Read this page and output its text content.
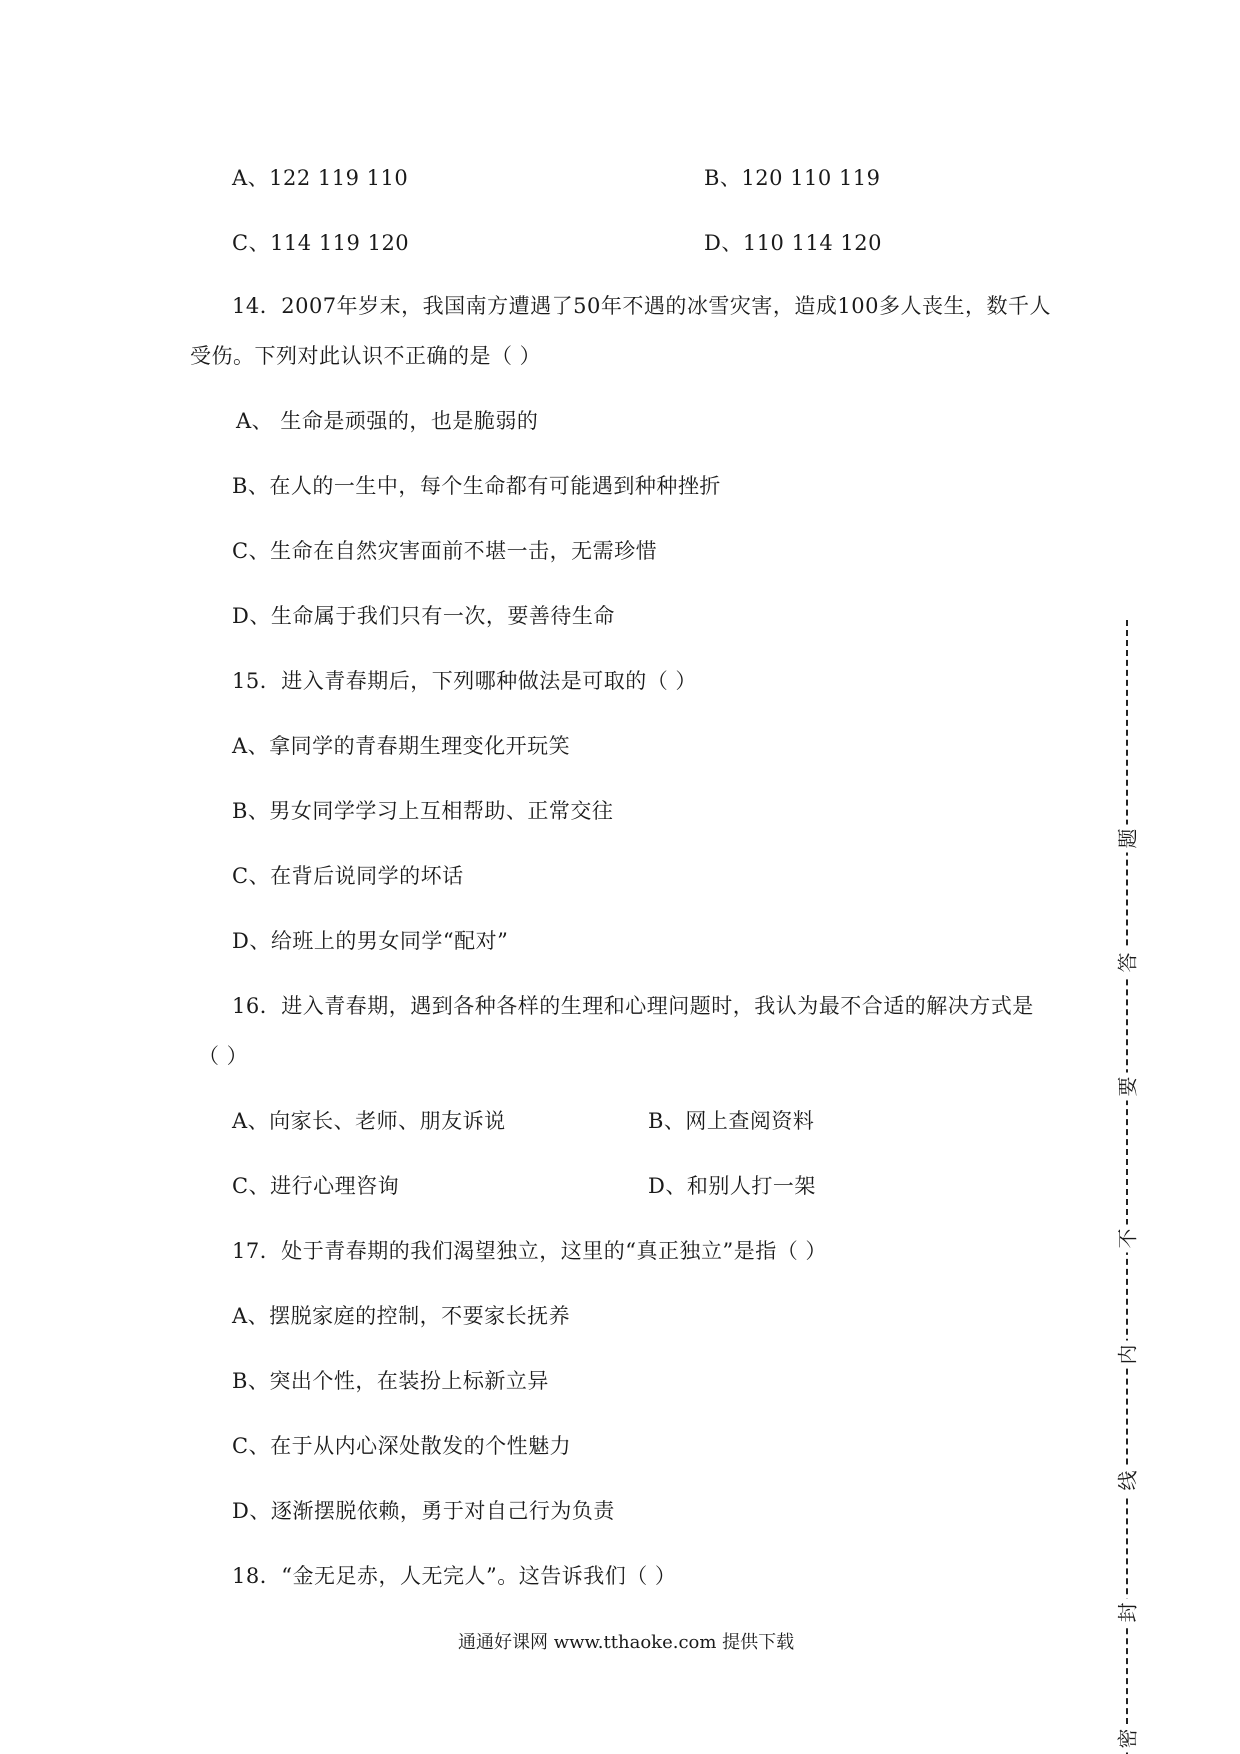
A、122 119 110	B、120 110 119
C、114 119 120	D、110 114 120
14．2007年岁末，我国南方遭遇了50年不遇的冰雪灾害，造成100多人丧生，数千人
受伤。下列对此认识不正确的是（ ）
A、 生命是顽强的，也是脆弱的
B、在人的一生中，每个生命都有可能遇到种种挫折
C、生命在自然灾害面前不堪一击，无需珍惜
D、生命属于我们只有一次，要善待生命
15．进入青春期后，下列哪种做法是可取的（ ）
A、拿同学的青春期生理变化开玩笑
B、男女同学学习上互相帮助、正常交往
C、在背后说同学的坏话
D、给班上的男女同学“配对”
16．进入青春期，遇到各种各样的生理和心理问题时，我认为最不合适的解决方式是
（ ）
A、向家长、老师、朋友诉说	B、网上查阅资料
C、进行心理咨询	D、和别人打一架
17．处于青春期的我们渴望独立，这里的“真正独立”是指（ ）
A、摆脱家庭的控制，不要家长抚养
B、突出个性，在装扮上标新立异
C、在于从内心深处散发的个性魅力
D、逐渐摆脱依赖，勇于对自己行为负责
18．“金无足赤，人无完人”。这告诉我们（ ）
通通好课网 www.tthaoke.com 提供下载
题
答
要
不
内
线
封
密
